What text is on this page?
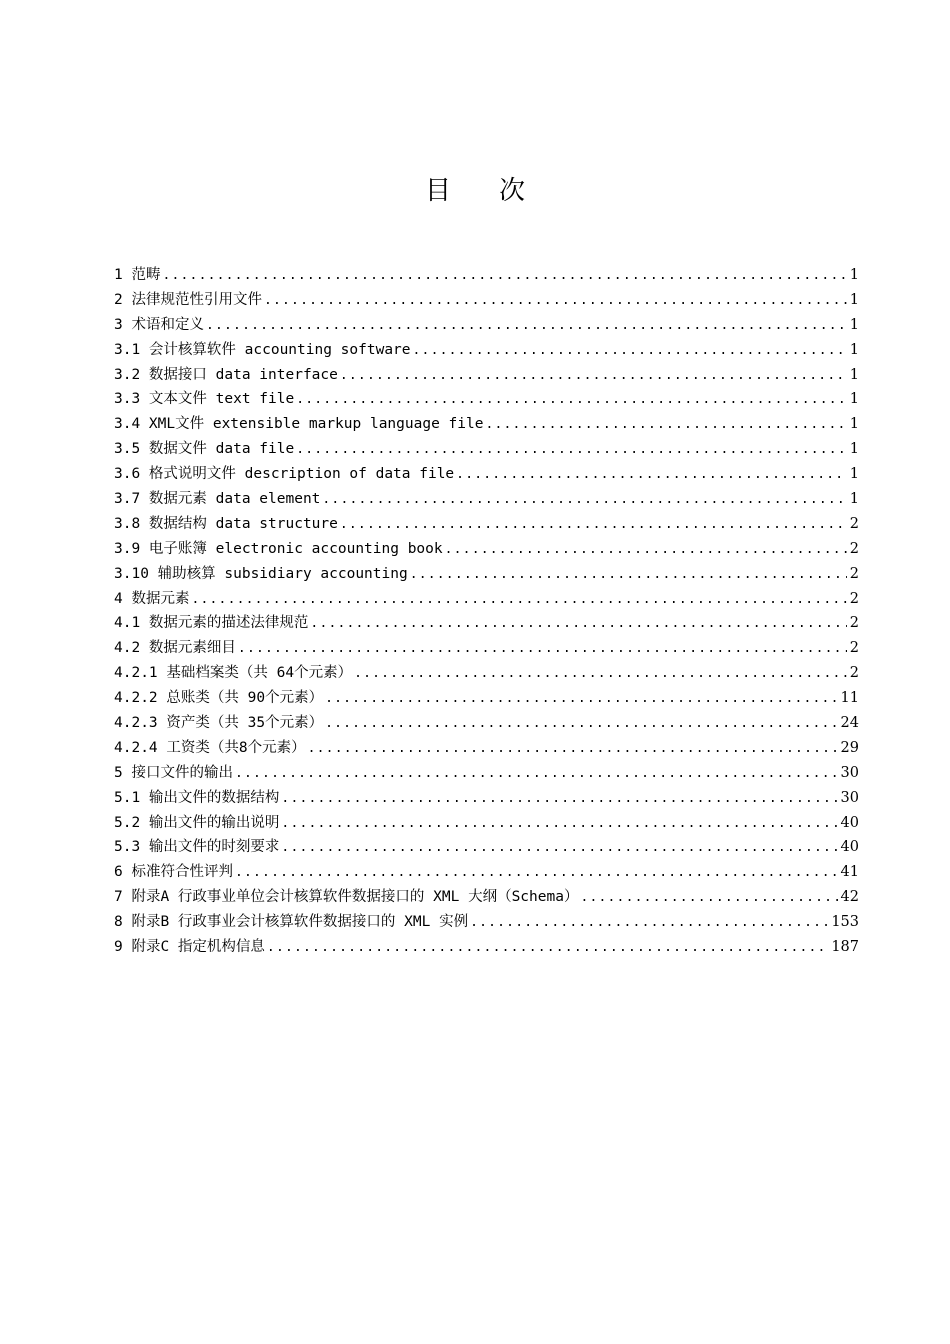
目 次
1 范畴 .....	1
2 法律规范性引用文件 .....	1
3 术语和定义 .....	1
3.1 会计核算软件 accounting software .....	1
3.2 数据接口 data interface .....	1
3.3 文本文件 text file .....	1
3.4 XML文件 extensible markup language file .....	1
3.5 数据文件 data file .....	1
3.6 格式说明文件 description of data file .....	1
3.7 数据元素 data element .....	1
3.8 数据结构 data structure .....	2
3.9 电子账簿 electronic accounting book .....	2
3.10 辅助核算 subsidiary accounting .....	2
4 数据元素 .....	2
4.1 数据元素的描述法律规范 .....	2
4.2 数据元素细目 .....	2
4.2.1 基础档案类（共 64个元素） .....	2
4.2.2 总账类（共 90个元素） .....	11
4.2.3 资产类（共 35个元素） .....	24
4.2.4 工资类（共8个元素） .....	29
5 接口文件的输出 .....	30
5.1 输出文件的数据结构 .....	30
5.2 输出文件的输出说明 .....	40
5.3 输出文件的时刻要求 .....	40
6 标准符合性评判 .....	41
7 附录A 行政事业单位会计核算软件数据接口的 XML 大纲（Schema） .....	42
8 附录B 行政事业会计核算软件数据接口的 XML 实例 .....	153
9 附录C 指定机构信息 .....	187
